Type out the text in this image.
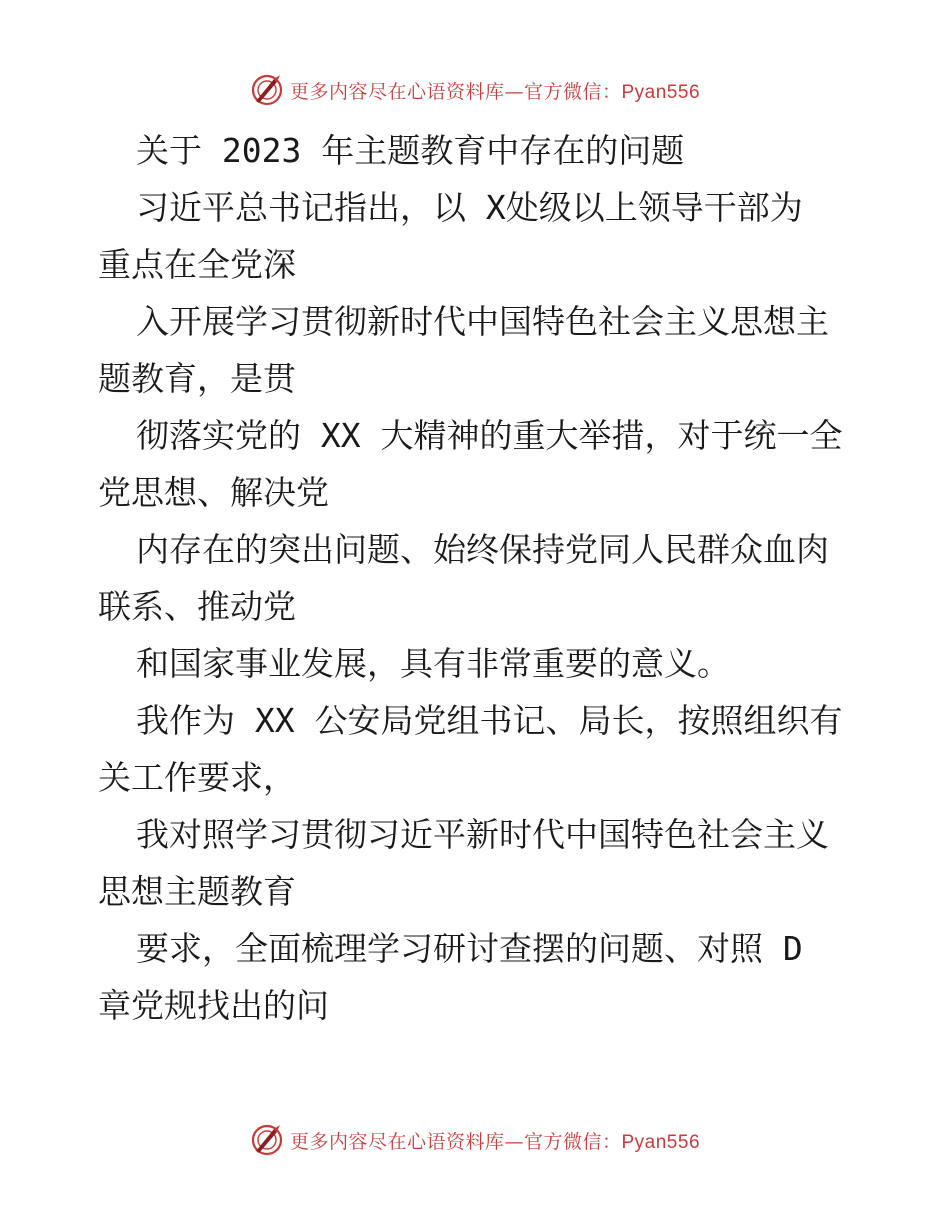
更多内容尽在心语资料库—官方微信：Pyan556
关于 2023 年主题教育中存在的问题
习近平总书记指出，以 X处级以上领导干部为
重点在全党深
入开展学习贯彻新时代中国特色社会主义思想主
题教育，是贯
彻落实党的 XX 大精神的重大举措，对于统一全
党思想、解决党
内存在的突出问题、始终保持党同人民群众血肉
联系、推动党
和国家事业发展，具有非常重要的意义。
我作为 XX 公安局党组书记、局长，按照组织有
关工作要求，
我对照学习贯彻习近平新时代中国特色社会主义
思想主题教育
要求，全面梳理学习研讨查摆的问题、对照 D
章党规找出的问
更多内容尽在心语资料库—官方微信：Pyan556
